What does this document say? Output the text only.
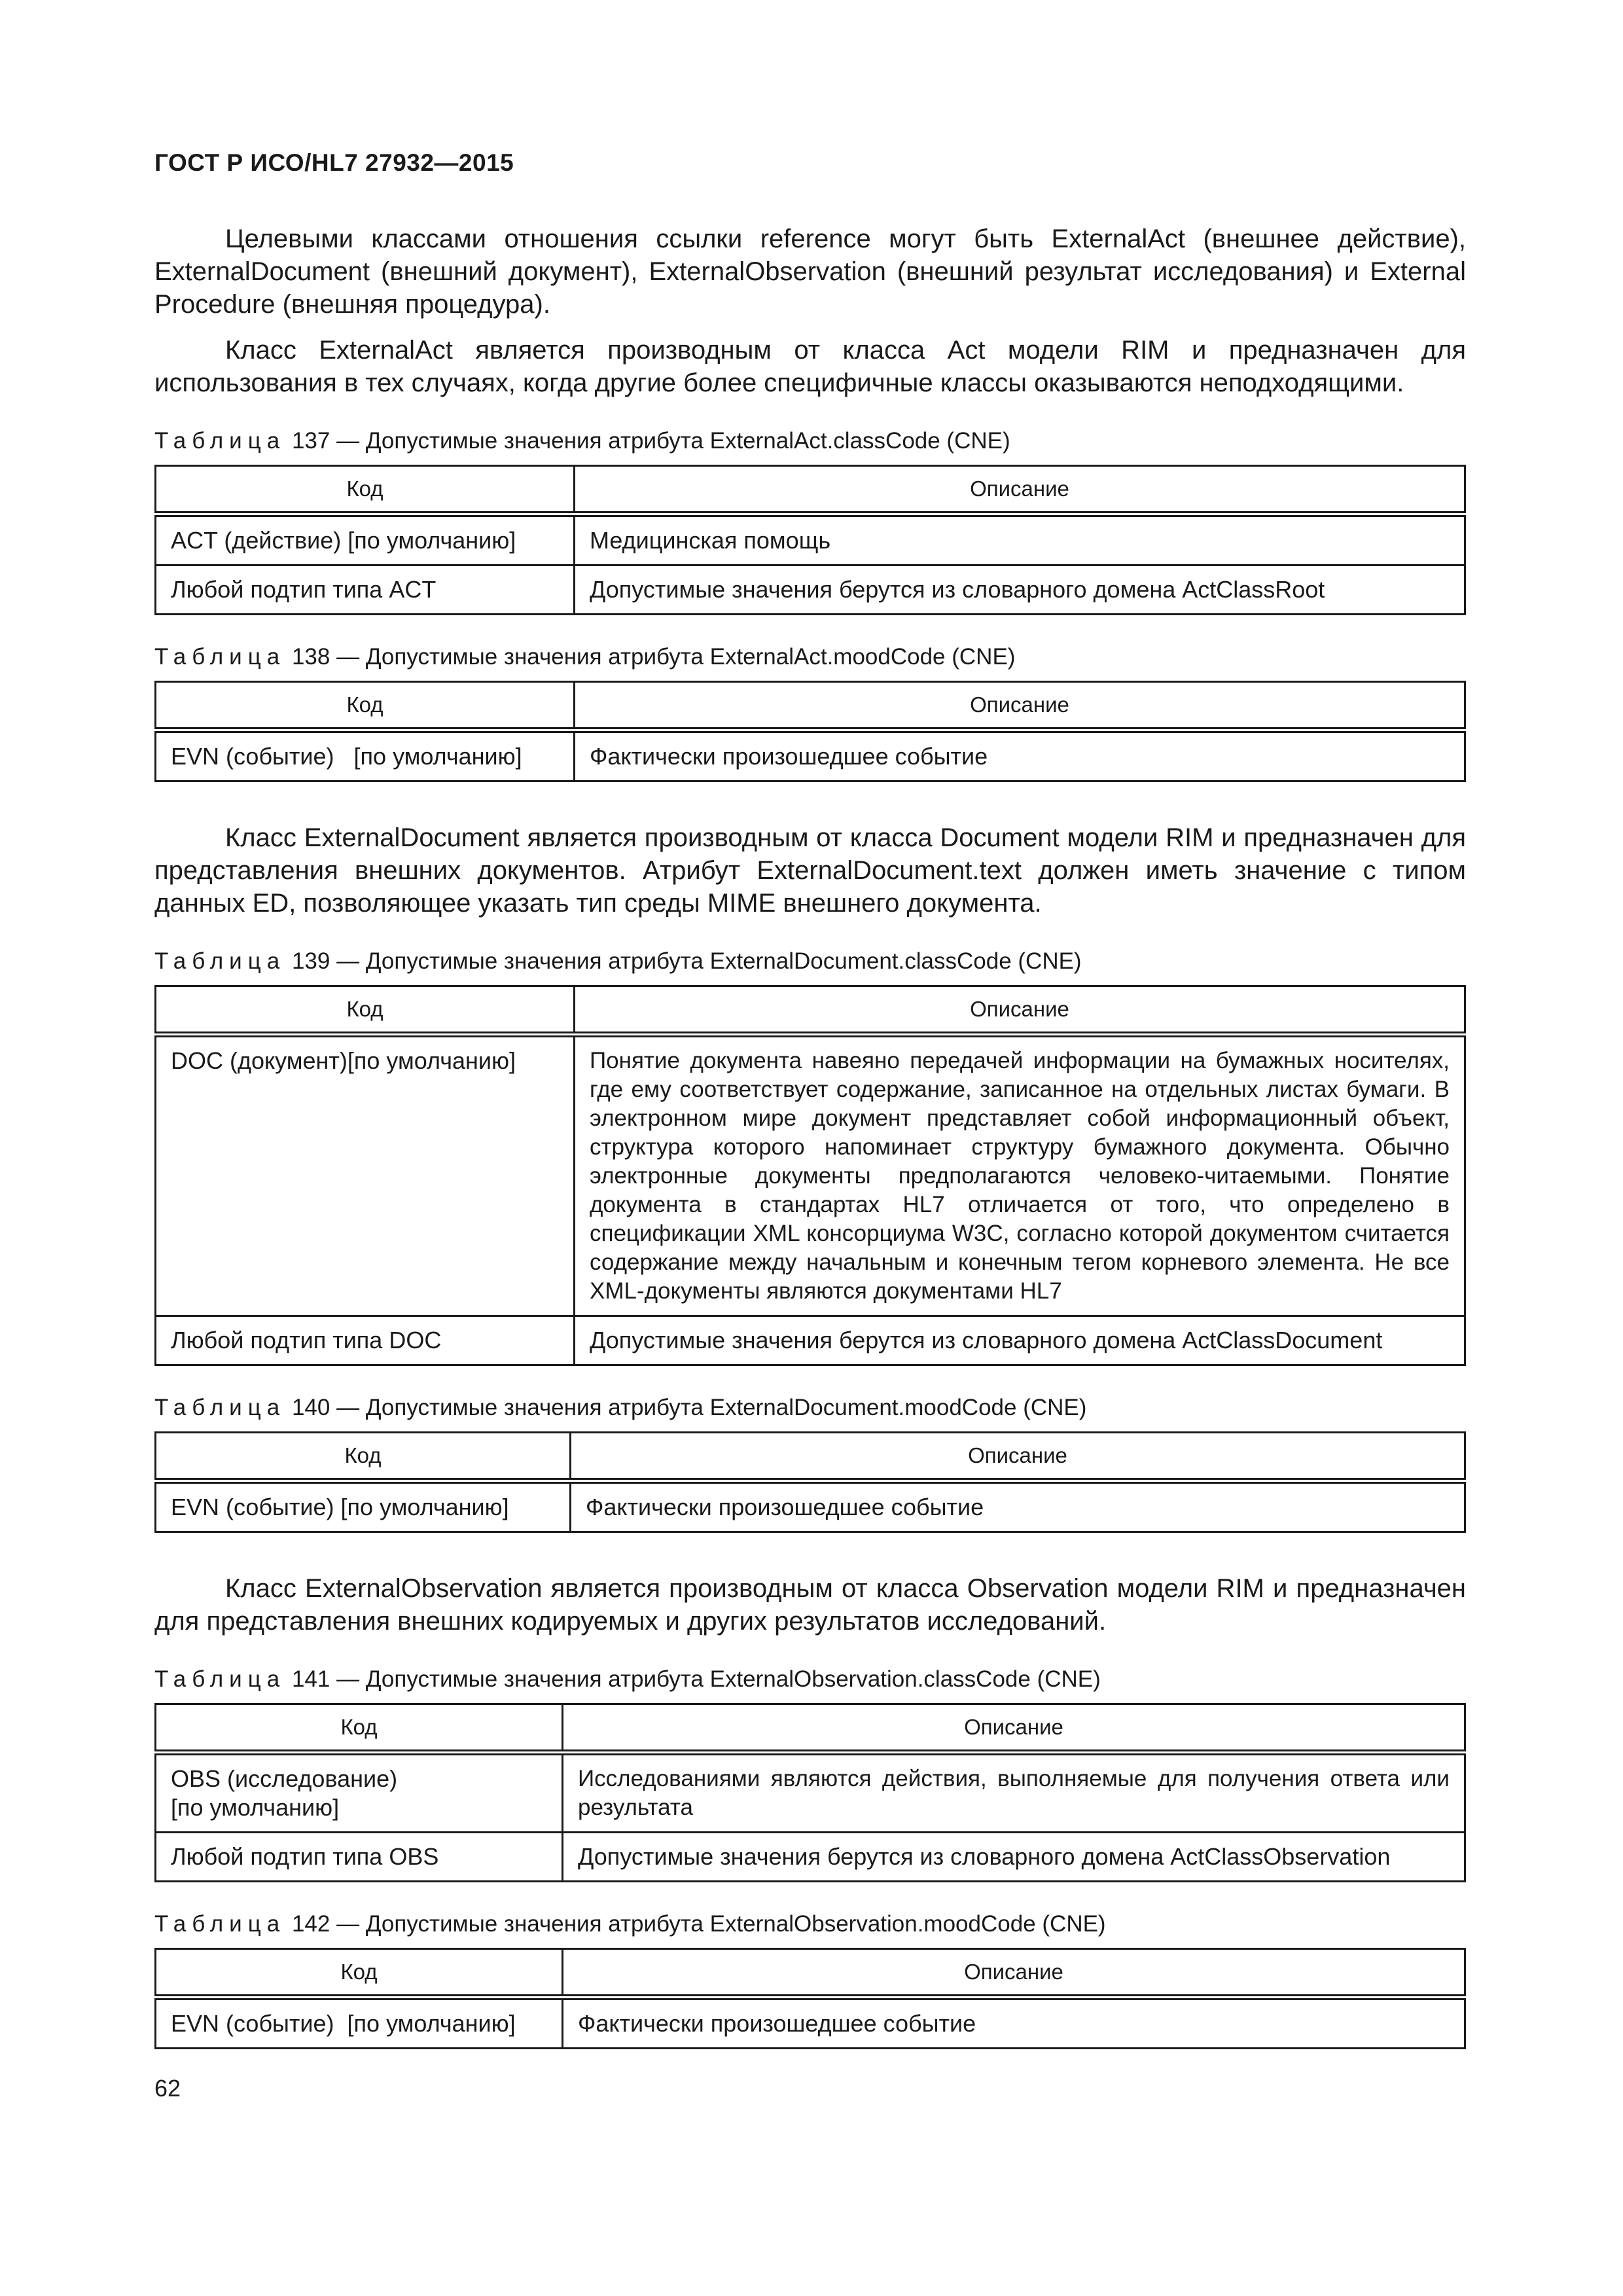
ГОСТ Р ИСО/HL7 27932—2015

Целевыми классами отношения ссылки reference могут быть ExternalAct (внешнее действие), ExternalDocument (внешний документ), ExternalObservation (внешний результат исследования) и External Procedure (внешняя процедура).

Класс ExternalAct является производным от класса Act модели RIM и предназначен для использования в тех случаях, когда другие более специфичные классы оказываются неподходящими.

Таблица 137 — Допустимые значения атрибута ExternalAct.classCode (CNE)

Код	Описание
ACT (действие) [по умолчанию]	Медицинская помощь
Любой подтип типа ACT	Допустимые значения берутся из словарного домена ActClassRoot

Таблица 138 — Допустимые значения атрибута ExternalAct.moodCode (CNE)

Код	Описание
EVN (событие)   [по умолчанию]	Фактически произошедшее событие

Класс ExternalDocument является производным от класса Document модели RIM и предназначен для представления внешних документов. Атрибут ExternalDocument.text должен иметь значение с типом данных ED, позволяющее указать тип среды MIME внешнего документа.

Таблица 139 — Допустимые значения атрибута ExternalDocument.classCode (CNE)

Код	Описание
DOC (документ)[по умолчанию]	Понятие документа навеяно передачей информации на бумажных носителях, где ему соответствует содержание, записанное на отдельных листах бумаги. В электронном мире документ представляет собой информационный объект, структура которого напоминает структуру бумажного документа. Обычно электронные документы предполагаются человеко-читаемыми. Понятие документа в стандартах HL7 отличается от того, что определено в спецификации XML консорциума W3C, согласно которой документом считается содержание между начальным и конечным тегом корневого элемента. Не все XML-документы являются документами HL7
Любой подтип типа DOC	Допустимые значения берутся из словарного домена ActClassDocument

Таблица 140 — Допустимые значения атрибута ExternalDocument.moodCode (CNE)

Код	Описание
EVN (событие) [по умолчанию]	Фактически произошедшее событие

Класс ExternalObservation является производным от класса Observation модели RIM и предназначен для представления внешних кодируемых и других результатов исследований.

Таблица 141 — Допустимые значения атрибута ExternalObservation.classCode (CNE)

Код	Описание

OBS (исследование)
[по умолчанию]	Исследованиями являются действия, выполняемые для получения ответа или результата
Любой подтип типа OBS	Допустимые значения берутся из словарного домена ActClassObservation

Таблица 142 — Допустимые значения атрибута ExternalObservation.moodCode (CNE)

Код	Описание
EVN (событие)  [по умолчанию]	Фактически произошедшее событие
62
